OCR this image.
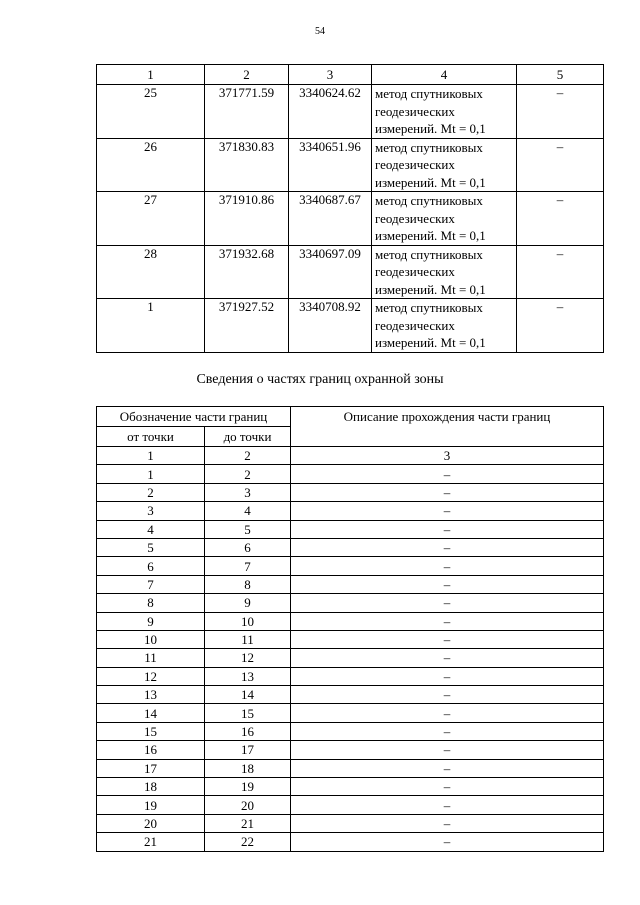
54
1	2	3	4	5
25	371771.59	3340624.62	метод спутниковых
геодезических
измерений. Mt = 0,1	–
26	371830.83	3340651.96	метод спутниковых
геодезических
измерений. Mt = 0,1	–
27	371910.86	3340687.67	метод спутниковых
геодезических
измерений. Mt = 0,1	–
28	371932.68	3340697.09	метод спутниковых
геодезических
измерений. Mt = 0,1	–
1	371927.52	3340708.92	метод спутниковых
геодезических
измерений. Mt = 0,1	–
Сведения о частях границ охранной зоны
Обозначение части границ		Описание прохождения части границ
от точки	до точки	
1	2	3
1	2	–
2	3	–
3	4	–
4	5	–
5	6	–
6	7	–
7	8	–
8	9	–
9	10	–
10	11	–
11	12	–
12	13	–
13	14	–
14	15	–
15	16	–
16	17	–
17	18	–
18	19	–
19	20	–
20	21	–
21	22	–
